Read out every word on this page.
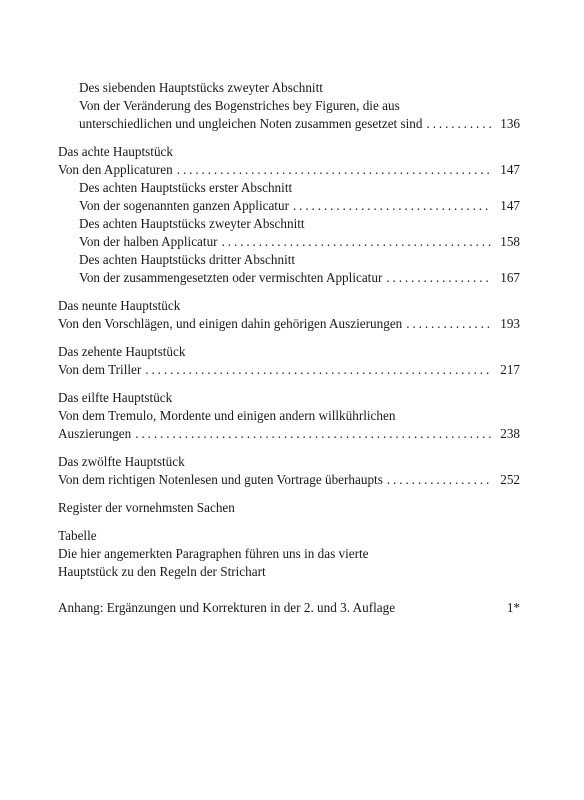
Des siebenden Hauptstücks zweyter Abschnitt
Von der Veränderung des Bogenstriches bey Figuren, die aus
unterschiedlichen und ungleichen Noten zusammen gesetzet sind . . .	136
Das achte Hauptstück
Von den Applicaturen . . .	147
Des achten Hauptstücks erster Abschnitt
Von der sogenannten ganzen Applicatur . . .	147
Des achten Hauptstücks zweyter Abschnitt
Von der halben Applicatur . . .	158
Des achten Hauptstücks dritter Abschnitt
Von der zusammengesetzten oder vermischten Applicatur . . .	167
Das neunte Hauptstück
Von den Vorschlägen, und einigen dahin gehörigen Auszierungen . . .	193
Das zehente Hauptstück
Von dem Triller . . .	217
Das eilfte Hauptstück
Von dem Tremulo, Mordente und einigen andern willkührlichen
Auszierungen . . .	238
Das zwölfte Hauptstück
Von dem richtigen Notenlesen und guten Vortrage überhaupts . . .	252
Register der vornehmsten Sachen
Tabelle
Die hier angemerkten Paragraphen führen uns in das vierte
Hauptstück zu den Regeln der Strichart
Anhang: Ergänzungen und Korrekturen in der 2. und 3. Auflage	1*
